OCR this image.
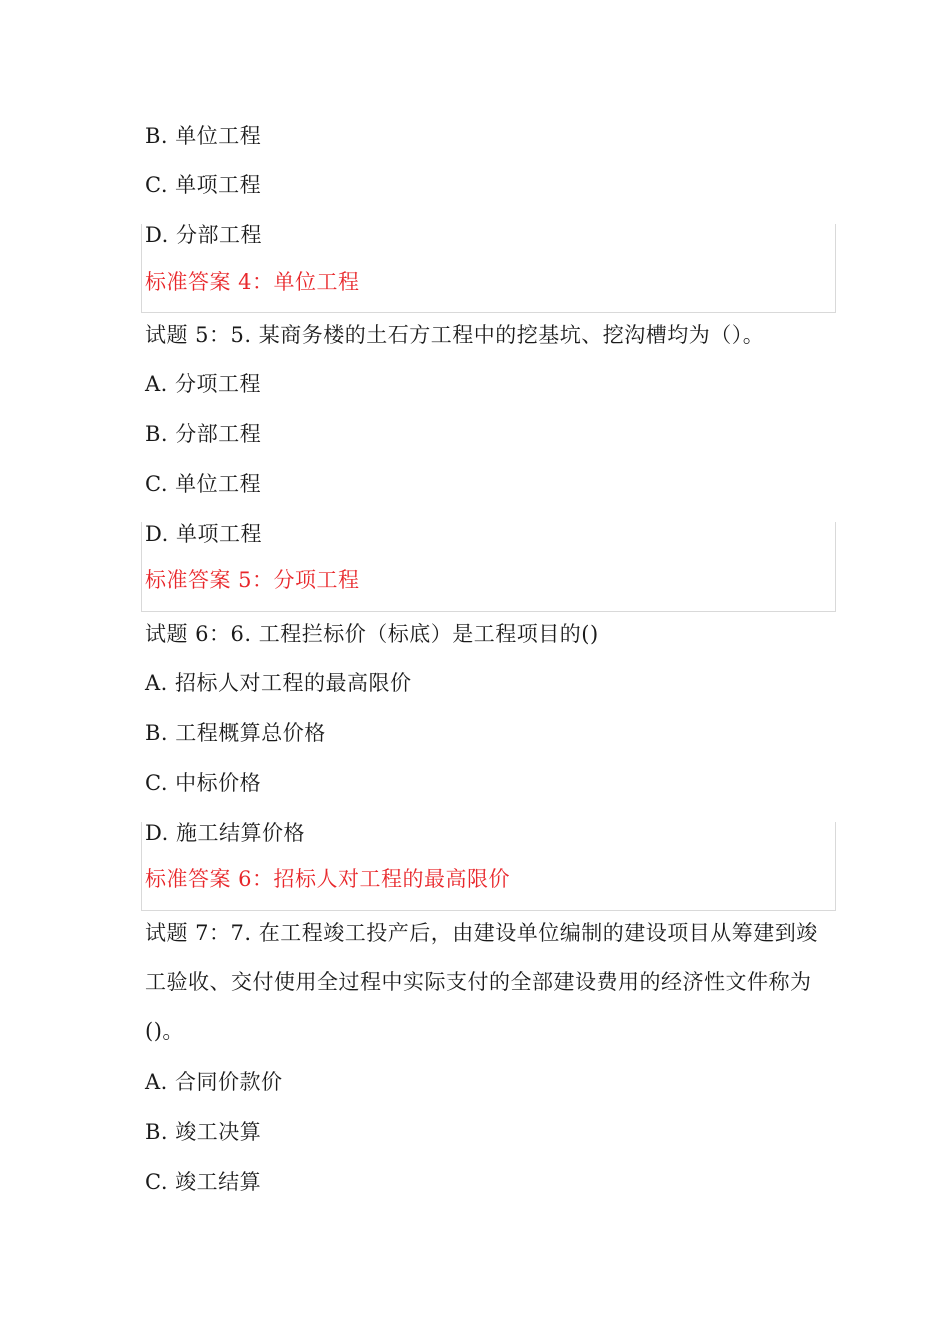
B. 单位工程
C. 单项工程
D. 分部工程
标准答案 4：单位工程
试题 5：5. 某商务楼的土石方工程中的挖基坑、挖沟槽均为（）。
A. 分项工程
B. 分部工程
C. 单位工程
D. 单项工程
标准答案 5：分项工程
试题 6：6. 工程拦标价（标底）是工程项目的()
A. 招标人对工程的最高限价
B. 工程概算总价格
C. 中标价格
D. 施工结算价格
标准答案 6：招标人对工程的最高限价
试题 7：7. 在工程竣工投产后，由建设单位编制的建设项目从筹建到竣工验收、交付使用全过程中实际支付的全部建设费用的经济性文件称为()。
A. 合同价款价
B. 竣工决算
C. 竣工结算
